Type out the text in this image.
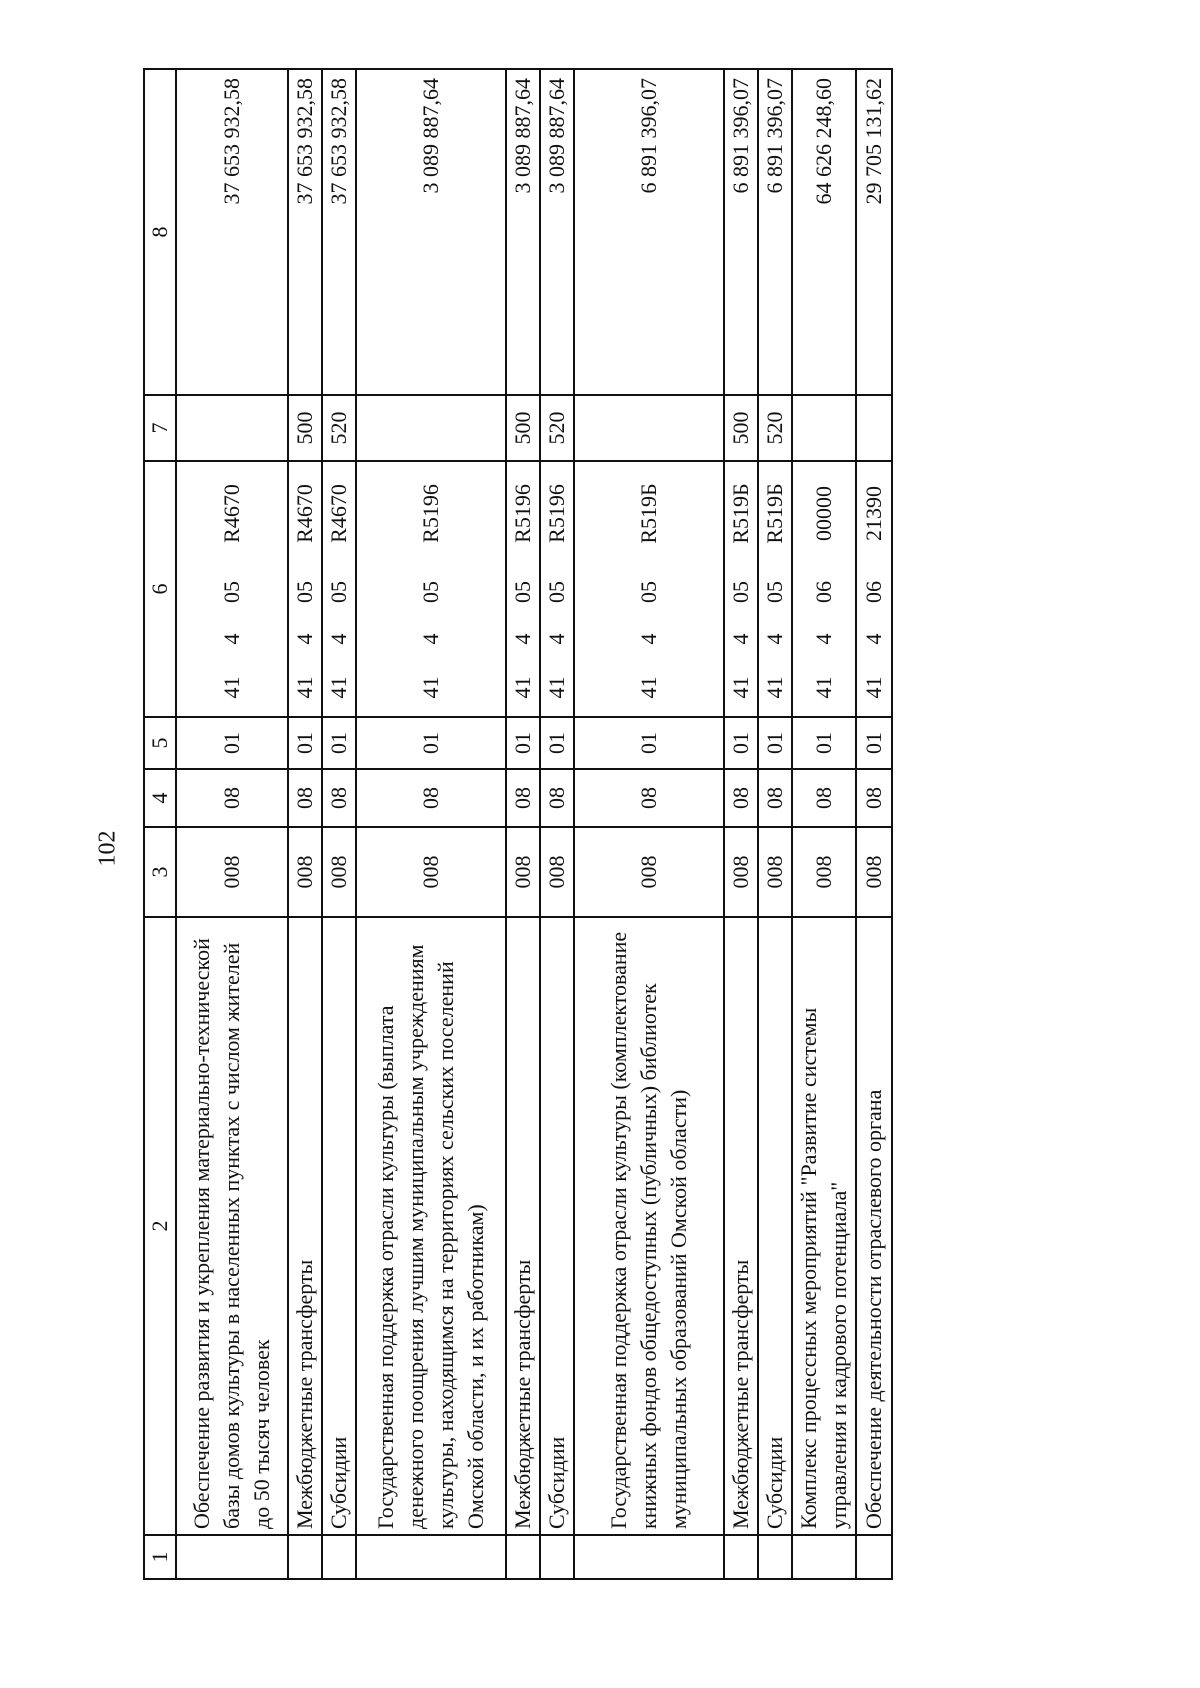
102
1	2	3	4	5	6				7	8
	Обеспечение развития и укрепления материально-технической базы домов культуры в населенных пунктах с числом жителей до 50 тысяч человек	008	08	01	41	4	05	R4670		37 653 932,58
	Межбюджетные трансферты	008	08	01	41	4	05	R4670	500	37 653 932,58
	Субсидии	008	08	01	41	4	05	R4670	520	37 653 932,58
	Государственная поддержка отрасли культуры (выплата денежного поощрения лучшим муниципальным учреждениям культуры, находящимся на территориях сельских поселений Омской области, и их работникам)	008	08	01	41	4	05	R5196		3 089 887,64
	Межбюджетные трансферты	008	08	01	41	4	05	R5196	500	3 089 887,64
	Субсидии	008	08	01	41	4	05	R5196	520	3 089 887,64
	Государственная поддержка отрасли культуры (комплектование книжных фондов общедоступных (публичных) библиотек муниципальных образований Омской области)	008	08	01	41	4	05	R519Б		6 891 396,07
	Межбюджетные трансферты	008	08	01	41	4	05	R519Б	500	6 891 396,07
	Субсидии	008	08	01	41	4	05	R519Б	520	6 891 396,07
	Комплекс процессных мероприятий "Развитие системы управления и кадрового потенциала"	008	08	01	41	4	06	00000		64 626 248,60
	Обеспечение деятельности отраслевого органа	008	08	01	41	4	06	21390		29 705 131,62
